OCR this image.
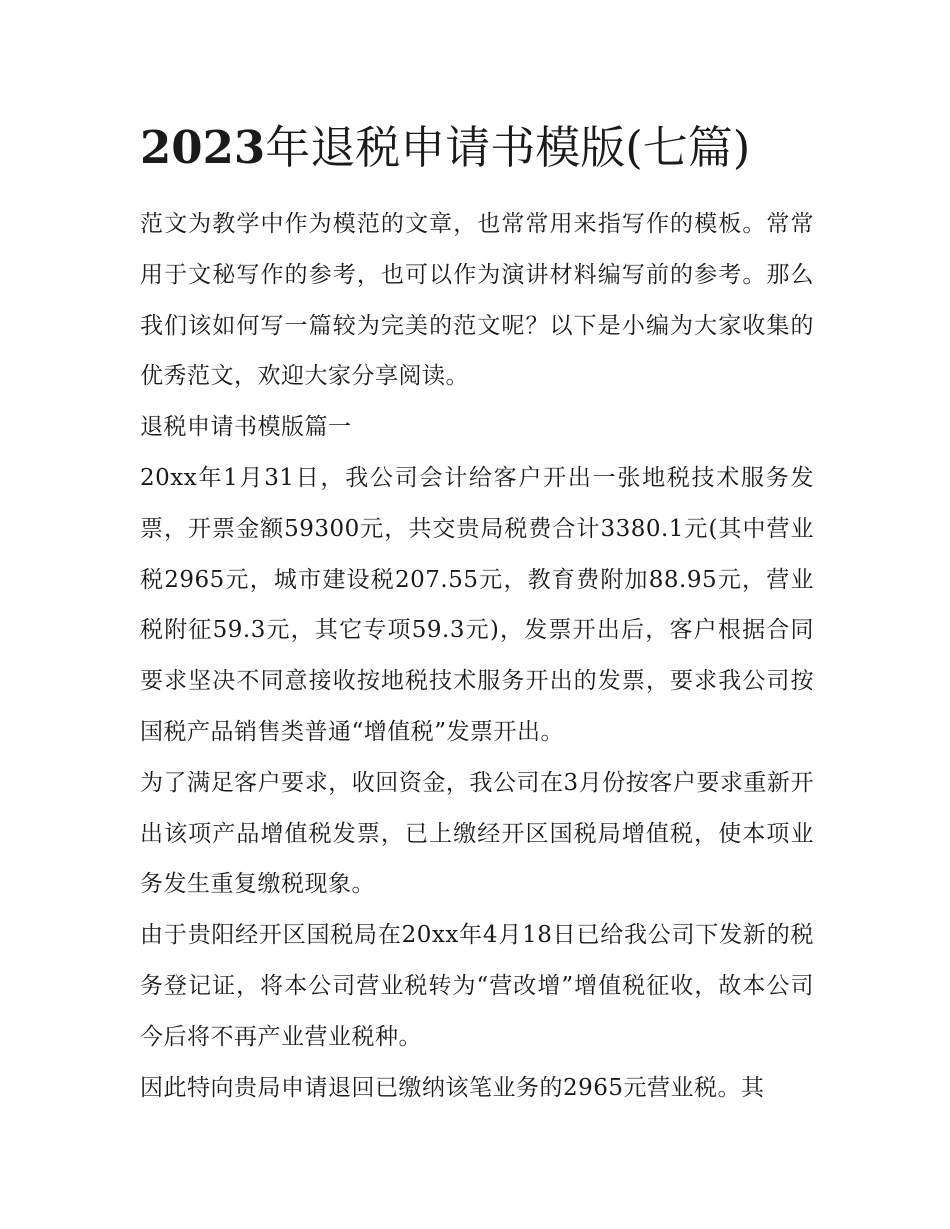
2023年退税申请书模版(七篇)

范文为教学中作为模范的文章，也常常用来指写作的模板。常常用于文秘写作的参考，也可以作为演讲材料编写前的参考。那么我们该如何写一篇较为完美的范文呢？以下是小编为大家收集的优秀范文，欢迎大家分享阅读。

退税申请书模版篇一

20xx年1月31日，我公司会计给客户开出一张地税技术服务发票，开票金额59300元，共交贵局税费合计3380.1元(其中营业税2965元，城市建设税207.55元，教育费附加88.95元，营业税附征59.3元，其它专项59.3元)，发票开出后，客户根据合同要求坚决不同意接收按地税技术服务开出的发票，要求我公司按国税产品销售类普通“增值税”发票开出。

为了满足客户要求，收回资金，我公司在3月份按客户要求重新开出该项产品增值税发票，已上缴经开区国税局增值税，使本项业务发生重复缴税现象。

由于贵阳经开区国税局在20xx年4月18日已给我公司下发新的税务登记证，将本公司营业税转为“营改增”增值税征收，故本公司今后将不再产业营业税种。

因此特向贵局申请退回已缴纳该笔业务的2965元营业税。其
